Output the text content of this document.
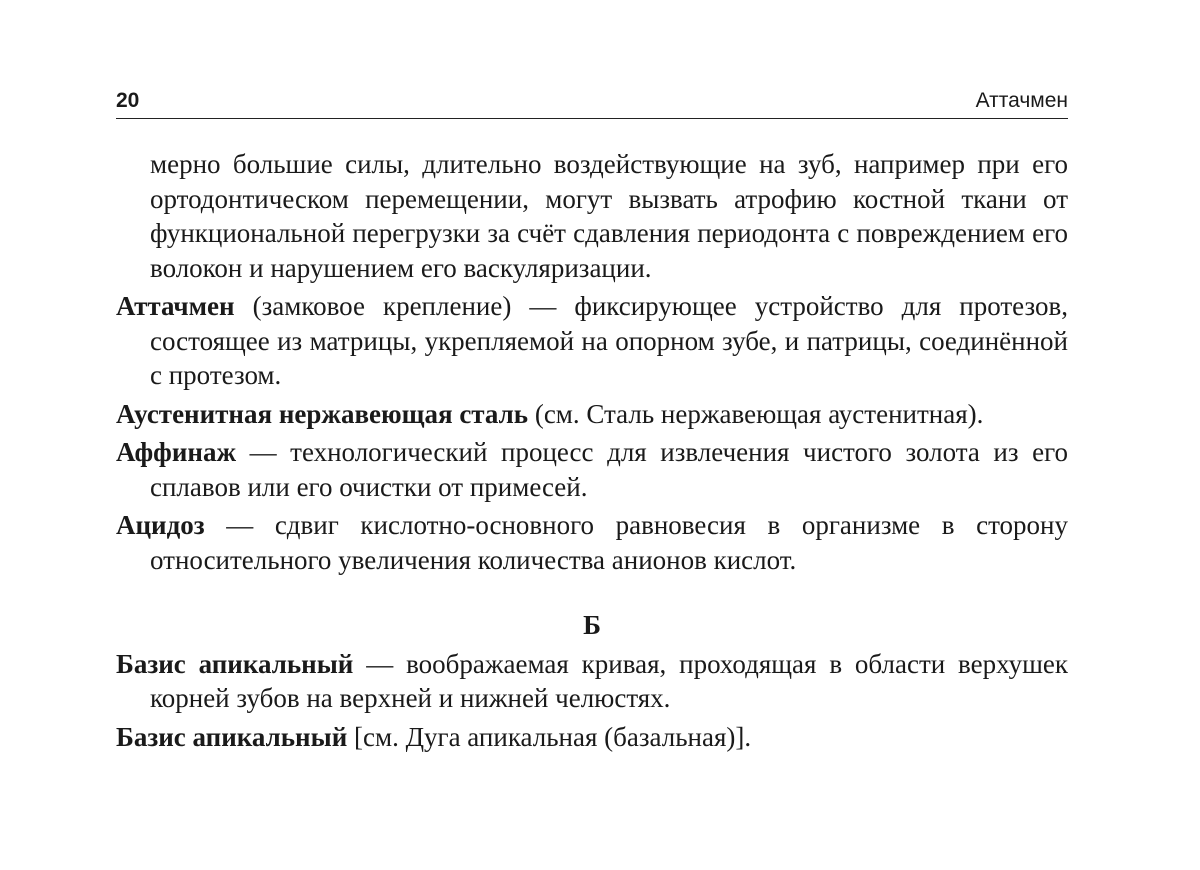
20	Аттачмен

мерно большие силы, длительно воздействующие на зуб, например при его ортодонтическом перемещении, могут вызвать атрофию костной ткани от функциональной перегрузки за счёт сдавления периодонта с повреждением его волокон и нарушением его васкуляризации.

Аттачмен (замковое крепление) — фиксирующее устройство для протезов, состоящее из матрицы, укрепляемой на опорном зубе, и патрицы, соединённой с протезом.

Аустенитная нержавеющая сталь (см. Сталь нержавеющая аустенитная).

Аффинаж — технологический процесс для извлечения чистого золота из его сплавов или его очистки от примесей.

Ацидоз — сдвиг кислотно-основного равновесия в организме в сторону относительного увеличения количества анионов кислот.

Б

Базис апикальный — воображаемая кривая, проходящая в области верхушек корней зубов на верхней и нижней челюстях.

Базис апикальный [см. Дуга апикальная (базальная)].
